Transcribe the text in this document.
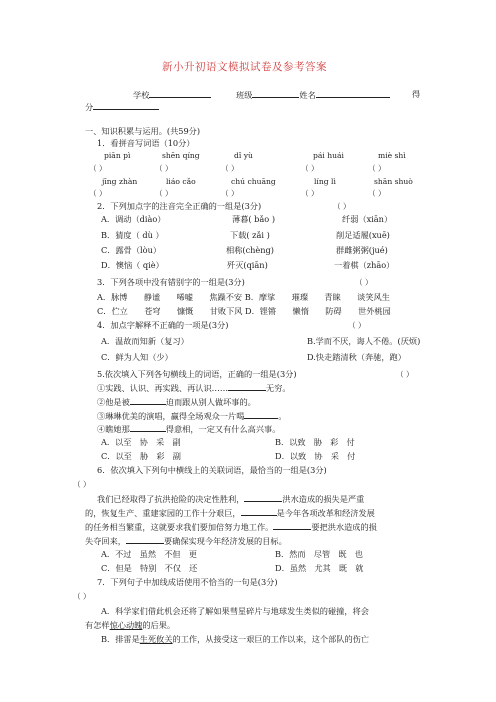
新小升初语文模拟试卷及参考答案
学校	班级	姓名	得
分
一、知识积累与运用。(共59分)
1．看拼音写词语（10分）
piān pì	shēn qíng	dǐ yù	pái huái	miè shì
（ ）	（ ）	（ ）	（ ）	（ ）
jīng zhàn	liáo cǎo	chú chuāng	líng lì	shān shuò
（ ）	（ ）	（ ）	（ ）	（ ）
2．下列加点字的注音完全正确的一组是(3分)	（ ）
A．调动（diào）	薄暮( bǎo )	纤弱（xiān）
B．猜度（ dù ）	下载( zǎi )	削足适履(xuē)
C．露骨（lòu）	相称(chèng)	群雌粥粥(jué)
D．懊恼（ qiè）	歼灭(qiān)	一着棋（zhāo）
3．下列各项中没有错别字的一组是(3分)	（ ）
A．脉博　　静谧　　唏嘘　　焦躁不安 B．摩挲　　璀璨　　青睐　　谈笑风生
C．伫立　　苍穹　　慷慨　　甘败下风 D．铿锵　　懒惰　　防碍　　世外桃园
4．加点字解释不正确的一项是(3分)	（ ）
A．温故而知新（复习）	B.学而不厌，诲人不倦。(厌烦)
C．鲜为人知（少）	D.快走踏清秋（奔驰，跑）
5.依次填入下列各句横线上的词语，正确的一组是(3分)	（ ）
①实践、认识、再实践、再认识……	无穷。
②他是被	迫而跟从别人做坏事的。
③琳琳优美的演唱，赢得全场观众一片喝	。
④瞧她那	得意相，一定又有什么高兴事。
A．以至　协　采　副	B．以致　胁　彩　付
C．以至　胁　彩　副	D．以致　协　采　付
6．依次填入下列句中横线上的关联词语，最恰当的一组是(3分)
（ ）
我们已经取得了抗洪抢险的决定性胜利，	洪水造成的损失是严重
的，恢复生产、重建家园的工作十分艰巨，	是今年各项改革和经济发展
的任务相当繁重，这就要求我们要加倍努力地工作。	要把洪水造成的损
失夺回来，	要确保实现今年经济发展的目标。
A．不过　虽然　不但　更	B．然而　尽管　既　也
C．但是　特别　不仅　还	D．虽然　尤其　既　就
7．下列句子中加线成语使用不恰当的一句是(3分)
（ ）
A．科学家们借此机会还将了解如果彗星碎片与地球发生类似的碰撞，将会
有怎样惊心动魄的后果。
B．排雷是生死攸关的工作，从接受这一艰巨的工作以来，这个部队的伤亡
